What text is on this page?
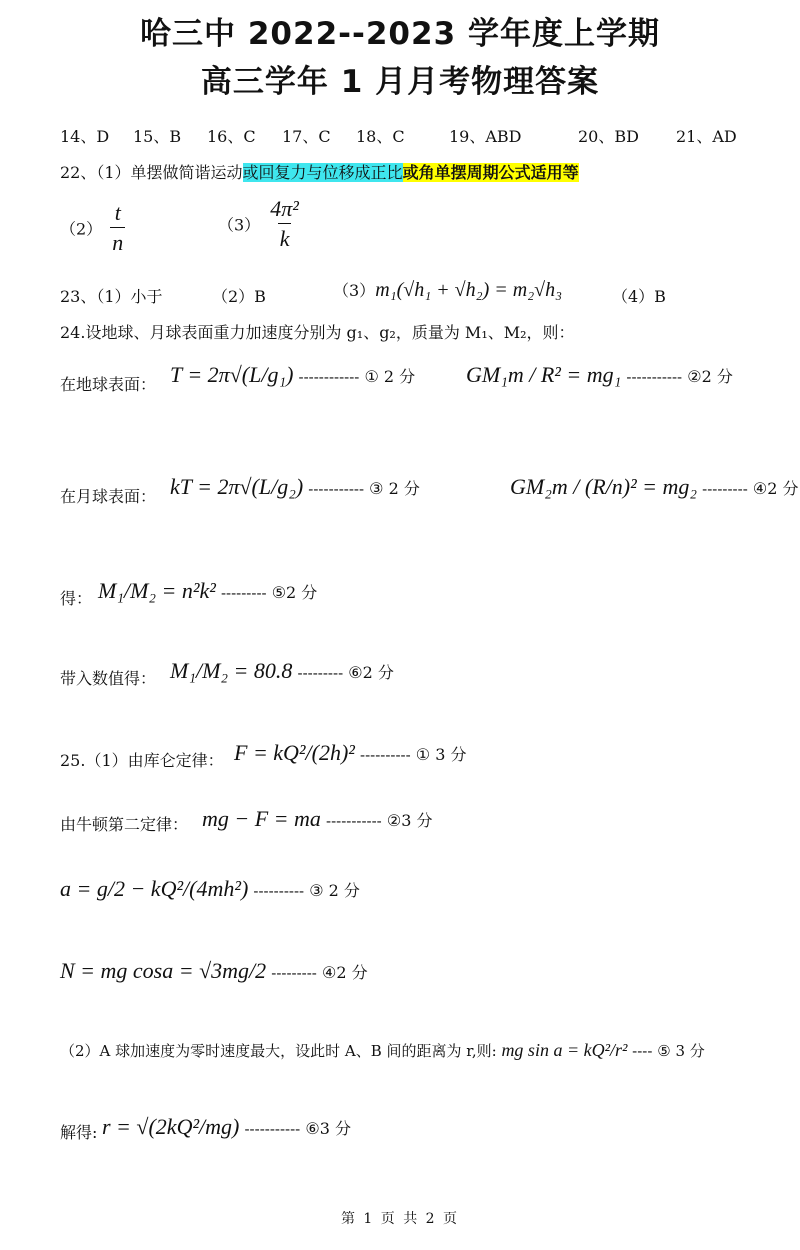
哈三中 2022--2023 学年度上学期
高三学年 1 月月考物理答案
14、D 15、B 16、C 17、C 18、C	19、ABD	20、BD 21、AD
22、（1）单摆做简谐运动或回复力与位移成正比或角单摆周期公式适用等
$(2) \frac{t}{n}$	$(3) \frac{\text{4π²}}{k}$
23、（1）小于	（2）B	（3）m₁(√h₁ + √h₂) = m₂√h₃	（4）B
24.设地球、月球表面重力加速度分别为 g₁、g₂，质量为 M₁、M₂，则：
在地球表面： T = 2π√(L/g₁) ------------ ① 2 分 GM₁m / R² = mg₁ ----------- ②2 分
在月球表面： kT = 2π√(L/g₂) ----------- ③ 2 分	GM₂m / (R/n)² = mg₂ --------- ④2 分
得： M₁/M₂ = n²k² --------- ⑤2 分
带入数值得： M₁/M₂ = 80.8 --------- ⑥2 分
25.（1）由库仑定律： F = kQ²/(2h)² ---------- ① 3 分
由牛顿第二定律： mg − F = ma ----------- ②3 分
a = g/2 − kQ²/(4mh²) ---------- ③ 2 分
N = mg cosa = √3mg/2 --------- ④2 分
（2）A 球加速度为零时速度最大，设此时 A、B 间的距离为 r,则: mg sin a = kQ²/r² ---- ⑤ 3 分
解得: r = √(2kQ²/mg) ----------- ⑥3 分
第 1 页 共 2 页
